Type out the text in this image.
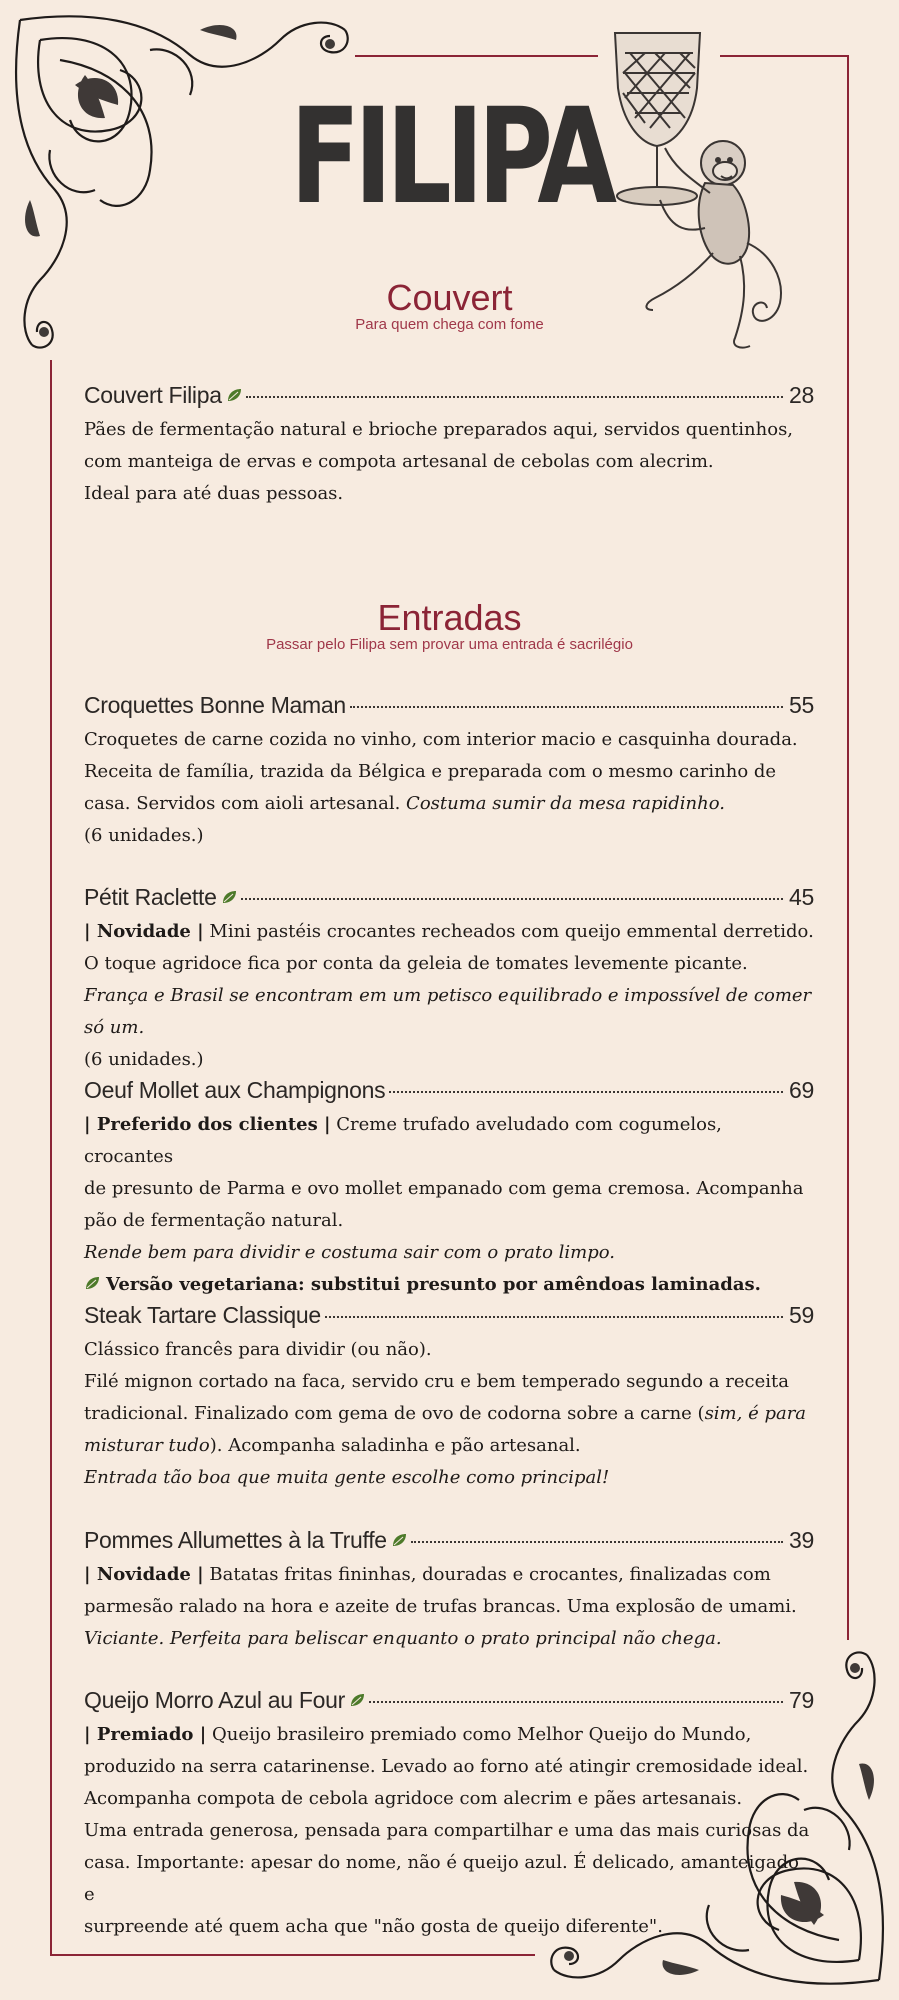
FILIPA
Couvert
Para quem chega com fome
Couvert Filipa	28

Pães de fermentação natural e brioche preparados aqui, servidos quentinhos,

com manteiga de ervas e compota artesanal de cebolas com alecrim.

Ideal para até duas pessoas.

Entradas
Passar pelo Filipa sem provar uma entrada é sacrilégio
Croquettes Bonne Maman	55

Croquetes de carne cozida no vinho, com interior macio e casquinha dourada.

Receita de família, trazida da Bélgica e preparada com o mesmo carinho de

casa. Servidos com aioli artesanal. Costuma sumir da mesa rapidinho.

(6 unidades.)

Pétit Raclette	45

| Novidade | Mini pastéis crocantes recheados com queijo emmental derretido.

O toque agridoce fica por conta da geleia de tomates levemente picante.

França e Brasil se encontram em um petisco equilibrado e impossível de comer só um.

(6 unidades.)

Oeuf Mollet aux Champignons	69

| Preferido dos clientes | Creme trufado aveludado com cogumelos, crocantes

de presunto de Parma e ovo mollet empanado com gema cremosa. Acompanha

pão de fermentação natural.

Rende bem para dividir e costuma sair com o prato limpo.

Versão vegetariana: substitui presunto por amêndoas laminadas.

Steak Tartare Classique	59

Clássico francês para dividir (ou não).

Filé mignon cortado na faca, servido cru e bem temperado segundo a receita

tradicional. Finalizado com gema de ovo de codorna sobre a carne (sim, é para

misturar tudo). Acompanha saladinha e pão artesanal.

Entrada tão boa que muita gente escolhe como principal!

Pommes Allumettes à la Truffe	39

| Novidade | Batatas fritas fininhas, douradas e crocantes, finalizadas com

parmesão ralado na hora e azeite de trufas brancas. Uma explosão de umami.

Viciante. Perfeita para beliscar enquanto o prato principal não chega.

Queijo Morro Azul au Four	79

| Premiado | Queijo brasileiro premiado como Melhor Queijo do Mundo,

produzido na serra catarinense. Levado ao forno até atingir cremosidade ideal.

Acompanha compota de cebola agridoce com alecrim e pães artesanais.

Uma entrada generosa, pensada para compartilhar e uma das mais curiosas da

casa. Importante: apesar do nome, não é queijo azul. É delicado, amanteigado e

surpreende até quem acha que "não gosta de queijo diferente".
